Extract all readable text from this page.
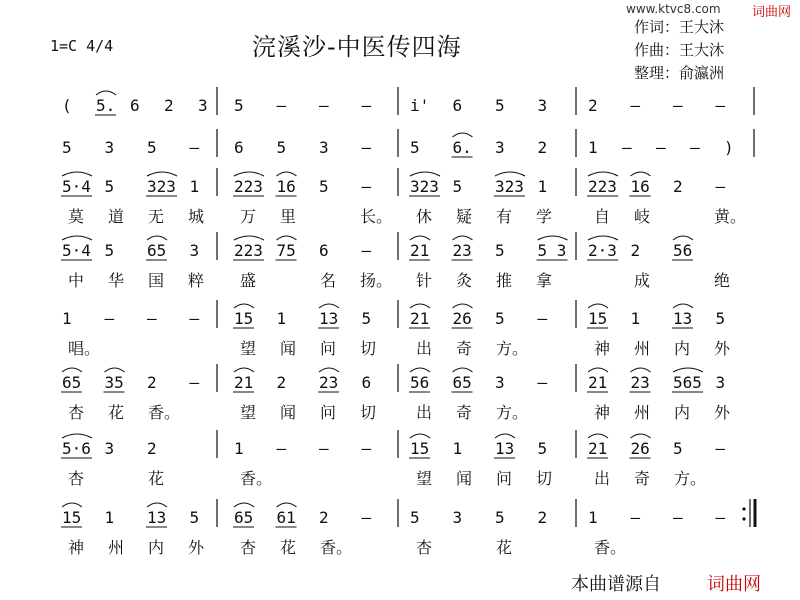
www.ktvc8.com 词曲网
1=C 4/4	浣溪沙-中医传四海
作词：王大沐
作曲：王大沐
整理：俞瀛洲
( 5. 6 2 3 5 — — — i' 6 5 3	2 — — —
5 3 5 — 6 5 3 — 5 6. 3 2	1 — — — )
5·4 5 323 1 223 16 5 — 323 5 323 1	223 16 2 —
莫 道 无 城 万 里	长。 休 疑 有 学	自 岐	黄。
5·4 5 65 3 223 75 6 — 21 23 5 5 3 2·3 2 56
中 华 国 粹 盛	名 扬。 针 灸 推 拿	成	绝
1 — — — 15 1 13 5 21 26 5 —	15 1 13 5
唱。	望 闻 问 切 出 奇 方。	神 州 内 外
65 35 2 — 21 2 23 6 56 65 3 —	21 23 565 3
杏 花 香。	望 闻 问 切 出 奇 方。	神 州 内 外
5·6 3 2	1 — — — 15 1 13 5	21 26 5 —
杏	花	香。	望 闻 问 切	出 奇 方。
15 1 13 5 65 61 2 — 5 3 5 2	1 — — —
神 州 内 外 杏 花 香。	杏	花	香。
本曲谱源自	词曲网
